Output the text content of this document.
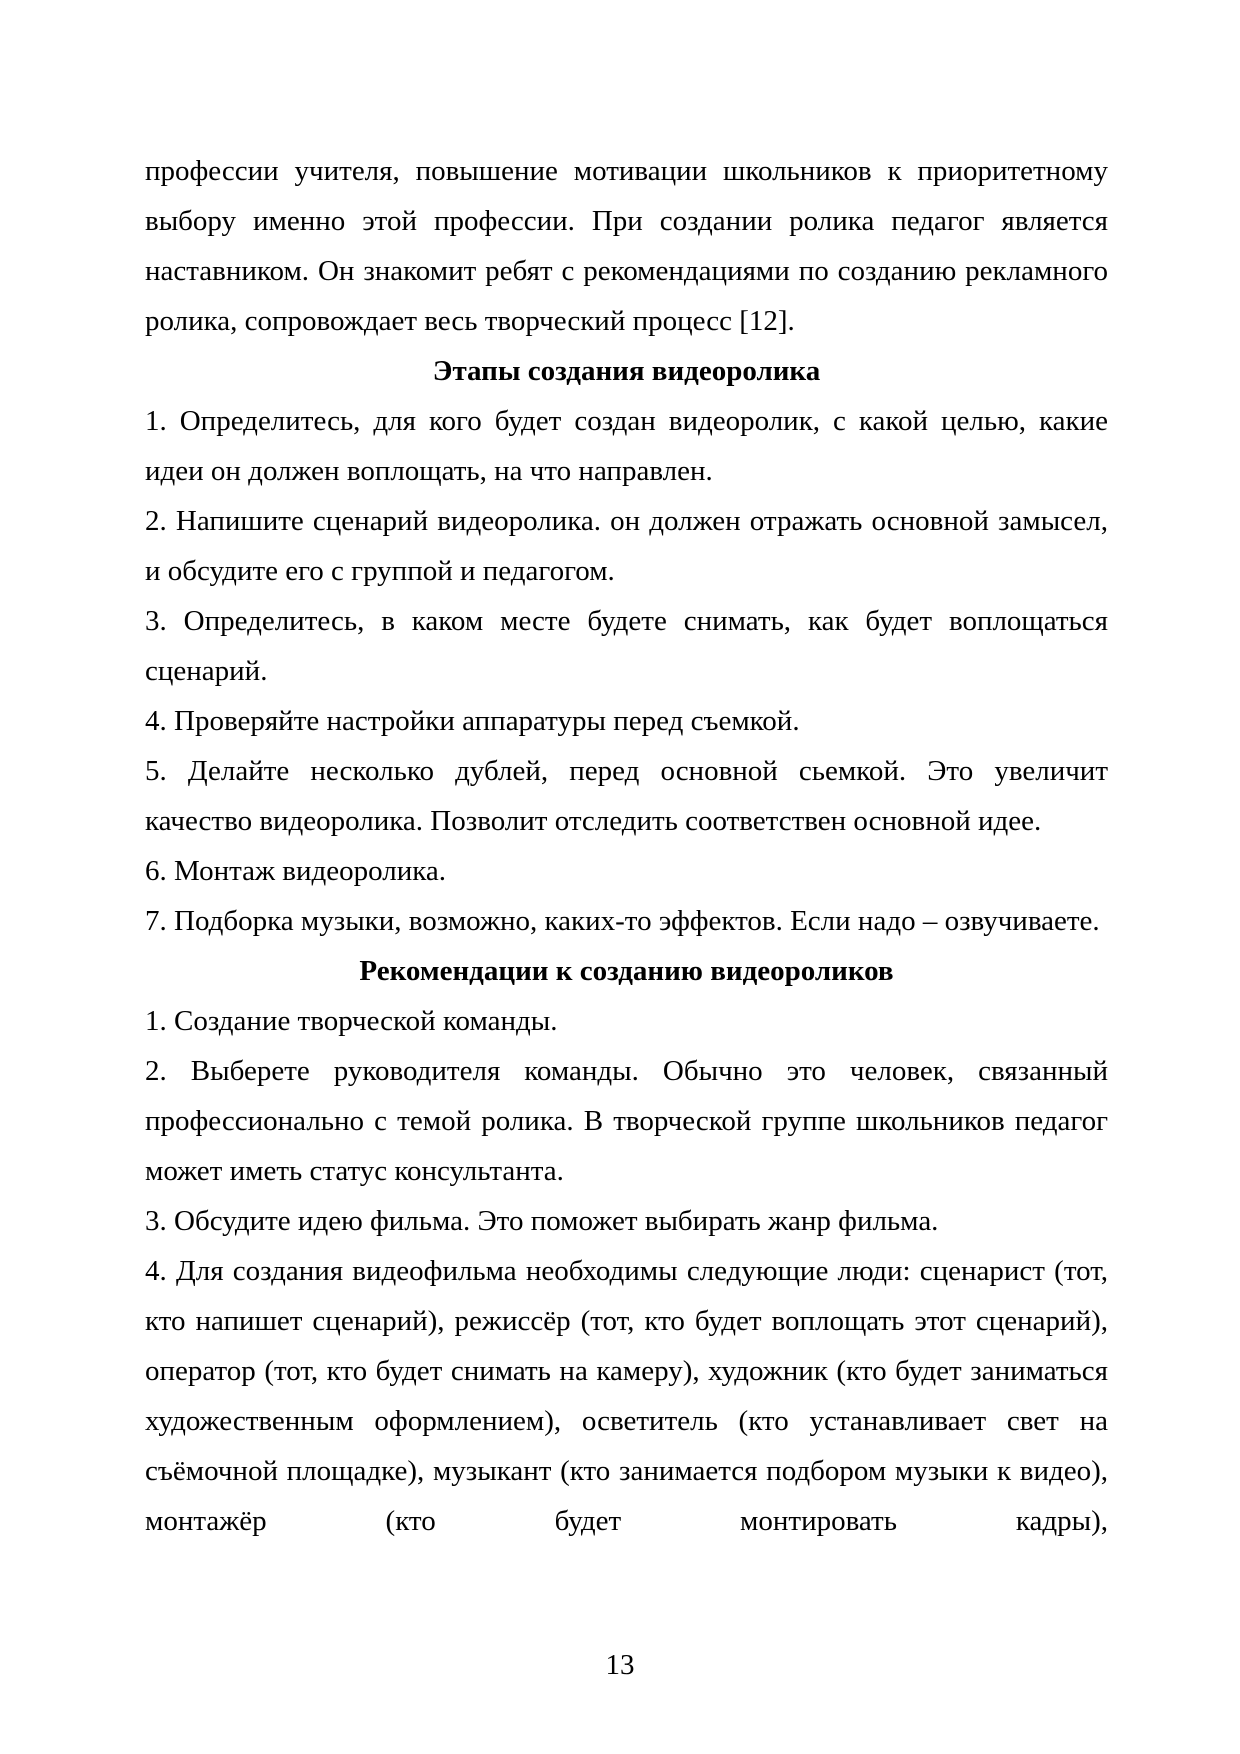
профессии учителя, повышение мотивации школьников к приоритетному выбору именно этой профессии. При создании ролика педагог является наставником. Он знакомит ребят с рекомендациями по созданию рекламного ролика, сопровождает весь творческий процесс [12].

Этапы создания видеоролика

1. Определитесь, для кого будет создан видеоролик, с какой целью, какие идеи он должен воплощать, на что направлен.

2. Напишите сценарий видеоролика. он должен отражать основной замысел, и обсудите его с группой и педагогом.

3. Определитесь, в каком месте будете снимать, как будет воплощаться сценарий.

4. Проверяйте настройки аппаратуры перед съемкой.

5. Делайте несколько дублей, перед основной сьемкой. Это увеличит качество видеоролика. Позволит отследить соответствен основной идее.

6. Монтаж видеоролика.

7. Подборка музыки, возможно, каких-то эффектов. Если надо – озвучиваете.

Рекомендации к созданию видеороликов

1. Создание творческой команды.

2. Выберете руководителя команды. Обычно это человек, связанный профессионально с темой ролика. В творческой группе школьников педагог может иметь статус консультанта.

3. Обсудите идею фильма. Это поможет выбирать жанр фильма.

4. Для создания видеофильма необходимы следующие люди: сценарист (тот, кто напишет сценарий), режиссёр (тот, кто будет воплощать этот сценарий), оператор (тот, кто будет снимать на камеру), художник (кто будет заниматься художественным оформлением), осветитель (кто устанавливает свет на съёмочной площадке), музыкант (кто занимается подбором музыки к видео), монтажёр (кто будет монтировать кадры),

13
